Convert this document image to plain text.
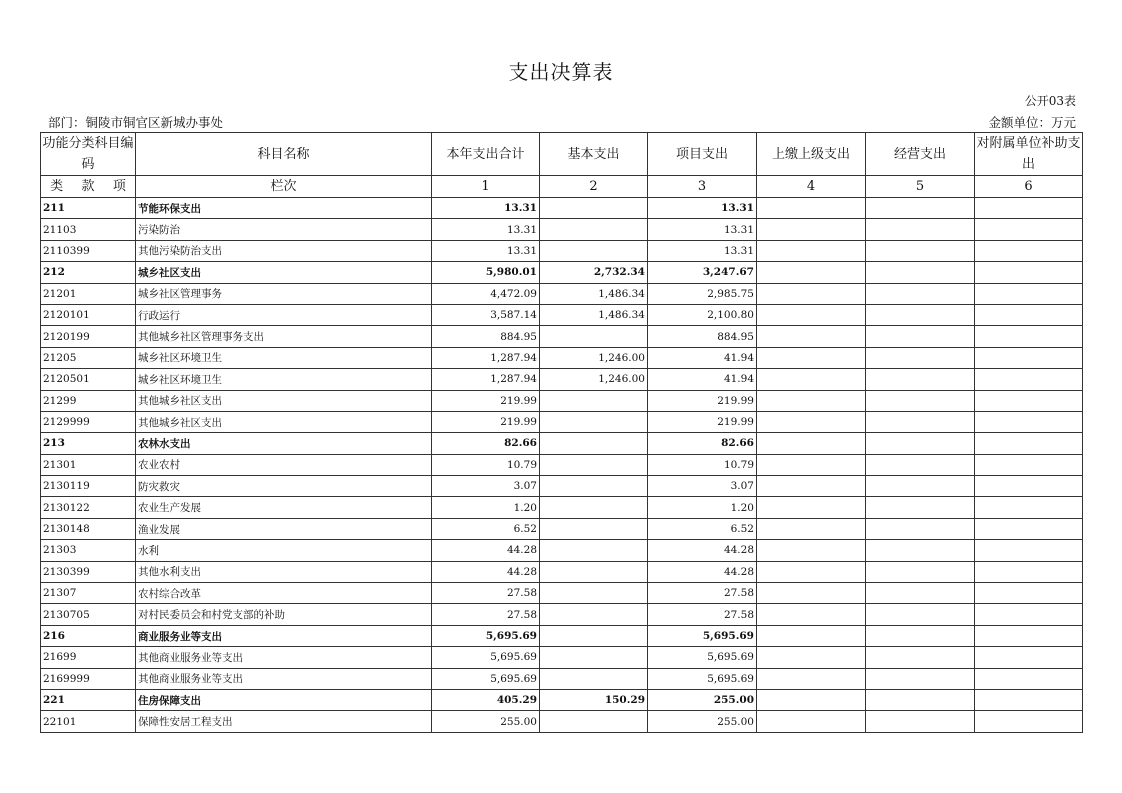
支出决算表
公开03表
部门：铜陵市铜官区新城办事处	金额单位：万元
功能分类科目编码	科目名称	本年支出合计	基本支出	项目支出	上缴上级支出	经营支出	对附属单位补助支出

类 款 项	栏次	1	2	3	4	5	6
211	节能环保支出	13.31		13.31			
21103	污染防治	13.31		13.31			
2110399	其他污染防治支出	13.31		13.31			
212	城乡社区支出	5,980.01	2,732.34	3,247.67			
21201	城乡社区管理事务	4,472.09	1,486.34	2,985.75			
2120101	行政运行	3,587.14	1,486.34	2,100.80			
2120199	其他城乡社区管理事务支出	884.95		884.95			
21205	城乡社区环境卫生	1,287.94	1,246.00	41.94			
2120501	城乡社区环境卫生	1,287.94	1,246.00	41.94			
21299	其他城乡社区支出	219.99		219.99			
2129999	其他城乡社区支出	219.99		219.99			
213	农林水支出	82.66		82.66			
21301	农业农村	10.79		10.79			
2130119	防灾救灾	3.07		3.07			
2130122	农业生产发展	1.20		1.20			
2130148	渔业发展	6.52		6.52			
21303	水利	44.28		44.28			
2130399	其他水利支出	44.28		44.28			
21307	农村综合改革	27.58		27.58			
2130705	对村民委员会和村党支部的补助	27.58		27.58			
216	商业服务业等支出	5,695.69		5,695.69			
21699	其他商业服务业等支出	5,695.69		5,695.69			
2169999	其他商业服务业等支出	5,695.69		5,695.69			
221	住房保障支出	405.29	150.29	255.00			
22101	保障性安居工程支出	255.00		255.00			
